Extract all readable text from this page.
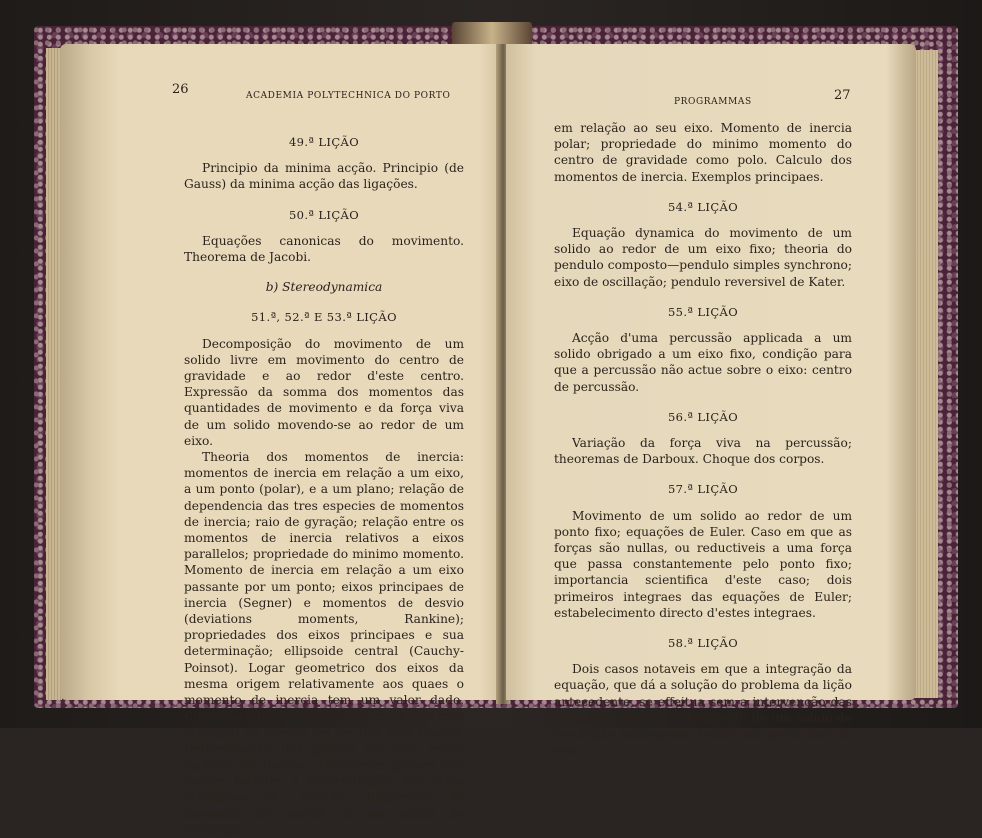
26	ACADEMIA POLYTECHNICA DO PORTO
49.ª LIÇÃO

Principio da minima acção. Principio (de Gauss) da minima acção das ligações.

50.ª LIÇÃO

Equações canonicas do movimento. Theorema de Jacobi.

b) Stereodynamica
51.ª, 52.ª E 53.ª LIÇÃO

Decomposição do movimento de um solido livre em movimento do centro de gravidade e ao redor d'este centro. Expressão da somma dos momentos das quantidades de movimento e da força viva de um solido movendo-se ao redor de um eixo.

Theoria dos momentos de inercia: momentos de inercia em relação a um eixo, a um ponto (polar), e a um plano; relação de dependencia das tres especies de momentos de inercia; raio de gyração; relação entre os momentos de inercia relativos a eixos parallelos; propriedade do minimo momento. Momento de inercia em relação a um eixo passante por um ponto; eixos principaes de inercia (Segner) e momentos de desvio (deviations moments, Rankine); propriedades dos eixos principaes e sua determinação; ellipsoide central (Cauchy-Poinsot). Logar geometrico dos eixos da mesma origem relativamente aos quaes o momento de inercia tem um valor dado. Condição para que uma recta dada seja eixo principal de inercia em um dos seus pontos. Determinação dos pontos em que existe esphera de inercia. Theoremas geraes que podem facilitar a determinação dos eixos principaes de inercia. Expressão do momento de inercia de um solido de revolução

PROGRAMMAS	27

em relação ao seu eixo. Momento de inercia polar; propriedade do minimo momento do centro de gravidade como polo. Calculo dos momentos de inercia. Exemplos principaes.

54.ª LIÇÃO

Equação dynamica do movimento de um solido ao redor de um eixo fixo; theoria do pendulo composto—pendulo simples synchrono; eixo de oscillação; pendulo reversivel de Kater.

55.ª LIÇÃO

Acção d'uma percussão applicada a um solido obrigado a um eixo fixo, condição para que a percussão não actue sobre o eixo: centro de percussão.

56.ª LIÇÃO

Variação da força viva na percussão; theoremas de Darboux. Choque dos corpos.

57.ª LIÇÃO

Movimento de um solido ao redor de um ponto fixo; equações de Euler. Caso em que as forças são nullas, ou reductiveis a uma força que passa constantemente pelo ponto fixo; importancia scientifica d'este caso; dois primeiros integraes das equações de Euler; estabelecimento directo d'estes integraes.

58.ª LIÇÃO

Dois casos notaveis em que a integração da equação, que dá a solução do problema da lição antecedente, se effeitua sem a intervenção das funcções ellipticas. Movimento de um solido de revolução homogeneo tendo um ponto fixo do seu
